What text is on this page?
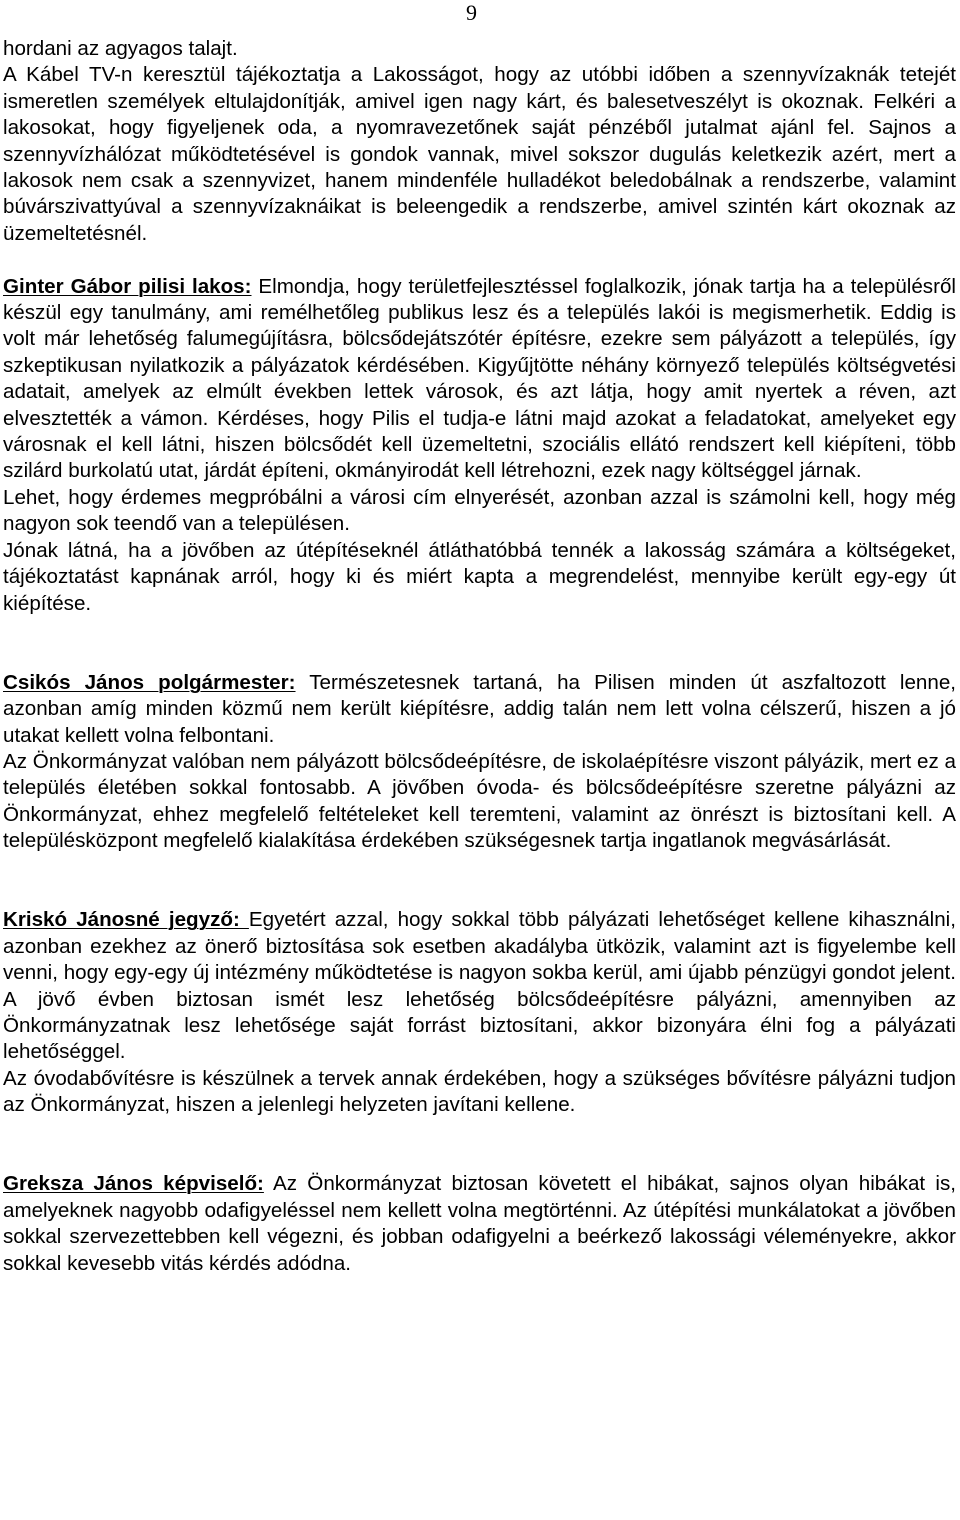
9

hordani az agyagos talajt.

A Kábel TV-n keresztül tájékoztatja a Lakosságot, hogy az utóbbi időben a szennyvízaknák tetejét ismeretlen személyek eltulajdonítják, amivel igen nagy kárt, és balesetveszélyt is okoznak. Felkéri a lakosokat, hogy figyeljenek oda, a nyomravezetőnek saját pénzéből jutalmat ajánl fel. Sajnos a szennyvízhálózat működtetésével is gondok vannak, mivel sokszor dugulás keletkezik azért, mert a lakosok nem csak a szennyvizet, hanem mindenféle hulladékot beledobálnak a rendszerbe, valamint búvárszivattyúval a szennyvízaknáikat is beleengedik a rendszerbe, amivel szintén kárt okoznak az üzemeltetésnél.

Ginter Gábor pilisi lakos: Elmondja, hogy területfejlesztéssel foglalkozik, jónak tartja ha a településről készül egy tanulmány, ami remélhetőleg publikus lesz és a település lakói is megismerhetik. Eddig is volt már lehetőség falumegújításra, bölcsődejátszótér építésre, ezekre sem pályázott a település, így szkeptikusan nyilatkozik a pályázatok kérdésében. Kigyűjtötte néhány környező település költségvetési adatait, amelyek az elmúlt években lettek városok, és azt látja, hogy amit nyertek a réven, azt elvesztették a vámon. Kérdéses, hogy Pilis el tudja-e látni majd azokat a feladatokat, amelyeket egy városnak el kell látni, hiszen bölcsődét kell üzemeltetni, szociális ellátó rendszert kell kiépíteni, több szilárd burkolatú utat, járdát építeni, okmányirodát kell létrehozni, ezek nagy költséggel járnak.

Lehet, hogy érdemes megpróbálni a városi cím elnyerését, azonban azzal is számolni kell, hogy még nagyon sok teendő van a településen.

Jónak látná, ha a jövőben az útépítéseknél átláthatóbbá tennék a lakosság számára a költségeket, tájékoztatást kapnának arról, hogy ki és miért kapta a megrendelést, mennyibe került egy-egy út kiépítése.

Csikós János polgármester: Természetesnek tartaná, ha Pilisen minden út aszfaltozott lenne, azonban amíg minden közmű nem került kiépítésre, addig talán nem lett volna célszerű, hiszen a jó utakat kellett volna felbontani.

Az Önkormányzat valóban nem pályázott bölcsődeépítésre, de iskolaépítésre viszont pályázik, mert ez a település életében sokkal fontosabb. A jövőben óvoda- és bölcsődeépítésre szeretne pályázni az Önkormányzat, ehhez megfelelő feltételeket kell teremteni, valamint az önrészt is biztosítani kell. A településközpont megfelelő kialakítása érdekében szükségesnek tartja ingatlanok megvásárlását.

Kriskó Jánosné jegyző: Egyetért azzal, hogy sokkal több pályázati lehetőséget kellene kihasználni, azonban ezekhez az önerő biztosítása sok esetben akadályba ütközik, valamint azt is figyelembe kell venni, hogy egy-egy új intézmény működtetése is nagyon sokba kerül, ami újabb pénzügyi gondot jelent. A jövő évben biztosan ismét lesz lehetőség bölcsődeépítésre pályázni, amennyiben az Önkormányzatnak lesz lehetősége saját forrást biztosítani, akkor bizonyára élni fog a pályázati lehetőséggel.

Az óvodabővítésre is készülnek a tervek annak érdekében, hogy a szükséges bővítésre pályázni tudjon az Önkormányzat, hiszen a jelenlegi helyzeten javítani kellene.

Greksza János képviselő: Az Önkormányzat biztosan követett el hibákat, sajnos olyan hibákat is, amelyeknek nagyobb odafigyeléssel nem kellett volna megtörténni. Az útépítési munkálatokat a jövőben sokkal szervezettebben kell végezni, és jobban odafigyelni a beérkező lakossági véleményekre, akkor sokkal kevesebb vitás kérdés adódna.
